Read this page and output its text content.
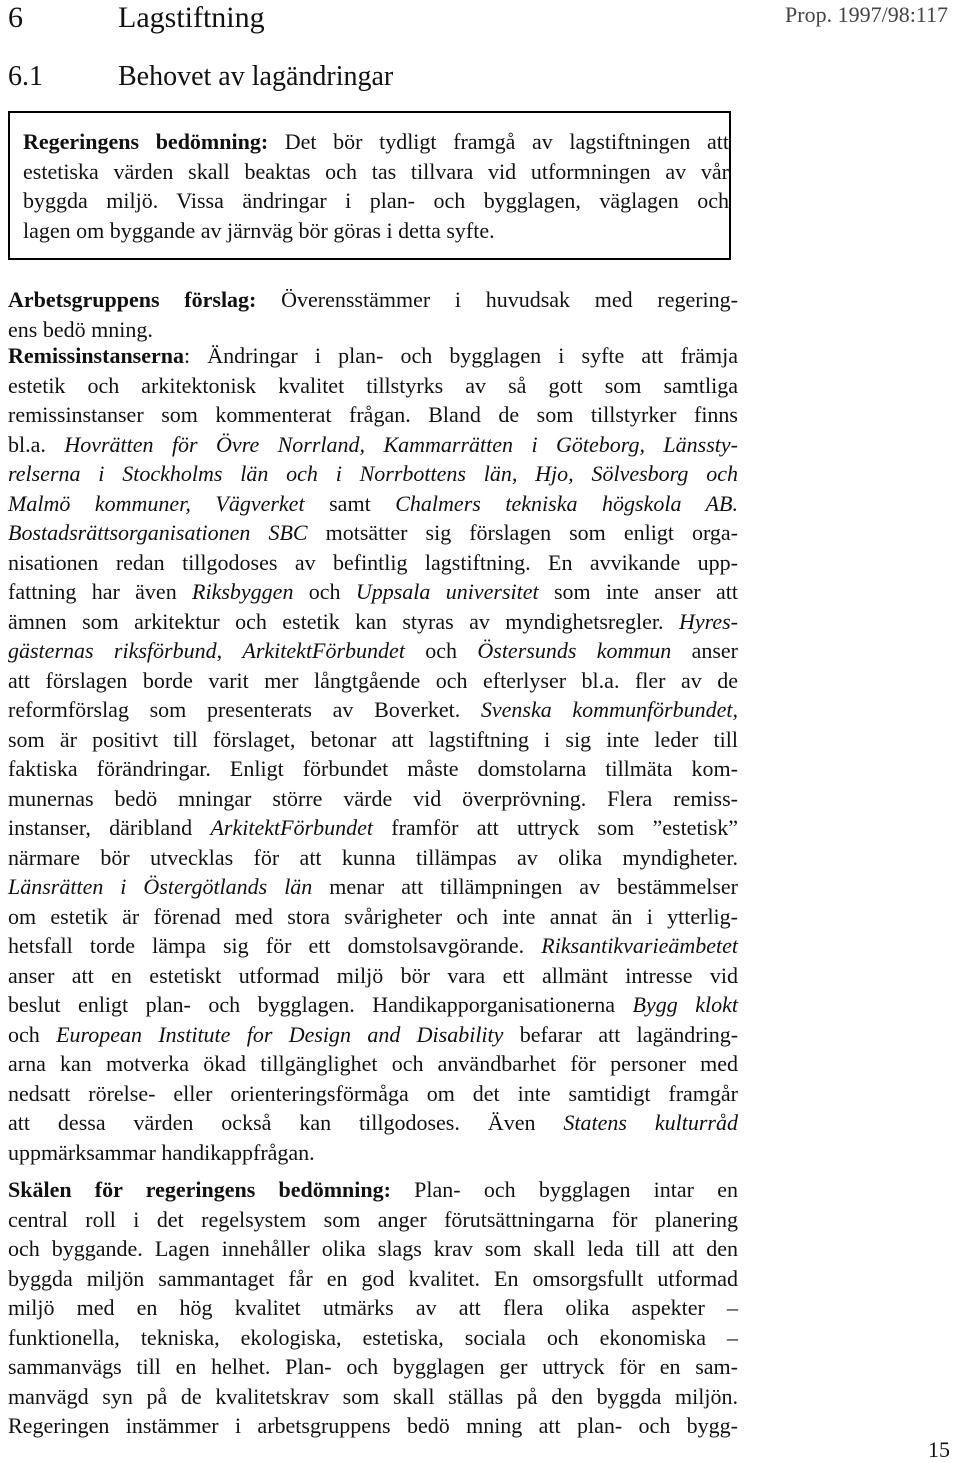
6	Lagstiftning	Prop. 1997/98:117
6.1	Behovet av lagändringar
Regeringens bedömning: Det bör tydligt framgå av lagstiftningen att
estetiska värden skall beaktas och tas tillvara vid utformningen av vår
byggda miljö. Vissa ändringar i plan- och bygglagen, väglagen och
lagen om byggande av järnväg bör göras i detta syfte.
Arbetsgruppens förslag: Överensstämmer i huvudsak med regering-
ens bedö mning.
Remissinstanserna: Ändringar i plan- och bygglagen i syfte att främja
estetik och arkitektonisk kvalitet tillstyrks av så gott som samtliga
remissinstanser som kommenterat frågan. Bland de som tillstyrker finns
bl.a. Hovrätten för Övre Norrland, Kammarrätten i Göteborg, Länssty-
relserna i Stockholms län och i Norrbottens län, Hjo, Sölvesborg och
Malmö kommuner, Vägverket samt Chalmers tekniska högskola AB.
Bostadsrättsorganisationen SBC motsätter sig förslagen som enligt orga-
nisationen redan tillgodoses av befintlig lagstiftning. En avvikande upp-
fattning har även Riksbyggen och Uppsala universitet som inte anser att
ämnen som arkitektur och estetik kan styras av myndighetsregler. Hyres-
gästernas riksförbund, ArkitektFörbundet och Östersunds kommun anser
att förslagen borde varit mer långtgående och efterlyser bl.a. fler av de
reformförslag som presenterats av Boverket. Svenska kommunförbundet,
som är positivt till förslaget, betonar att lagstiftning i sig inte leder till
faktiska förändringar. Enligt förbundet måste domstolarna tillmäta kom-
munernas bedö mningar större värde vid överprövning. Flera remiss-
instanser, däribland ArkitektFörbundet framför att uttryck som ”estetisk”
närmare bör utvecklas för att kunna tillämpas av olika myndigheter.
Länsrätten i Östergötlands län menar att tillämpningen av bestämmelser
om estetik är förenad med stora svårigheter och inte annat än i ytterlig-
hetsfall torde lämpa sig för ett domstolsavgörande. Riksantikvarieämbetet
anser att en estetiskt utformad miljö bör vara ett allmänt intresse vid
beslut enligt plan- och bygglagen. Handikapporganisationerna Bygg klokt
och European Institute for Design and Disability befarar att lagändring-
arna kan motverka ökad tillgänglighet och användbarhet för personer med
nedsatt rörelse- eller orienteringsförmåga om det inte samtidigt framgår
att dessa värden också kan tillgodoses. Även Statens kulturråd
uppmärksammar handikappfrågan.
Skälen för regeringens bedömning: Plan- och bygglagen intar en
central roll i det regelsystem som anger förutsättningarna för planering
och byggande. Lagen innehåller olika slags krav som skall leda till att den
byggda miljön sammantaget får en god kvalitet. En omsorgsfullt utformad
miljö med en hög kvalitet utmärks av att flera olika aspekter –
funktionella, tekniska, ekologiska, estetiska, sociala och ekonomiska –
sammanvägs till en helhet. Plan- och bygglagen ger uttryck för en sam-
manvägd syn på de kvalitetskrav som skall ställas på den byggda miljön.
Regeringen instämmer i arbetsgruppens bedö mning att plan- och bygg-
15
